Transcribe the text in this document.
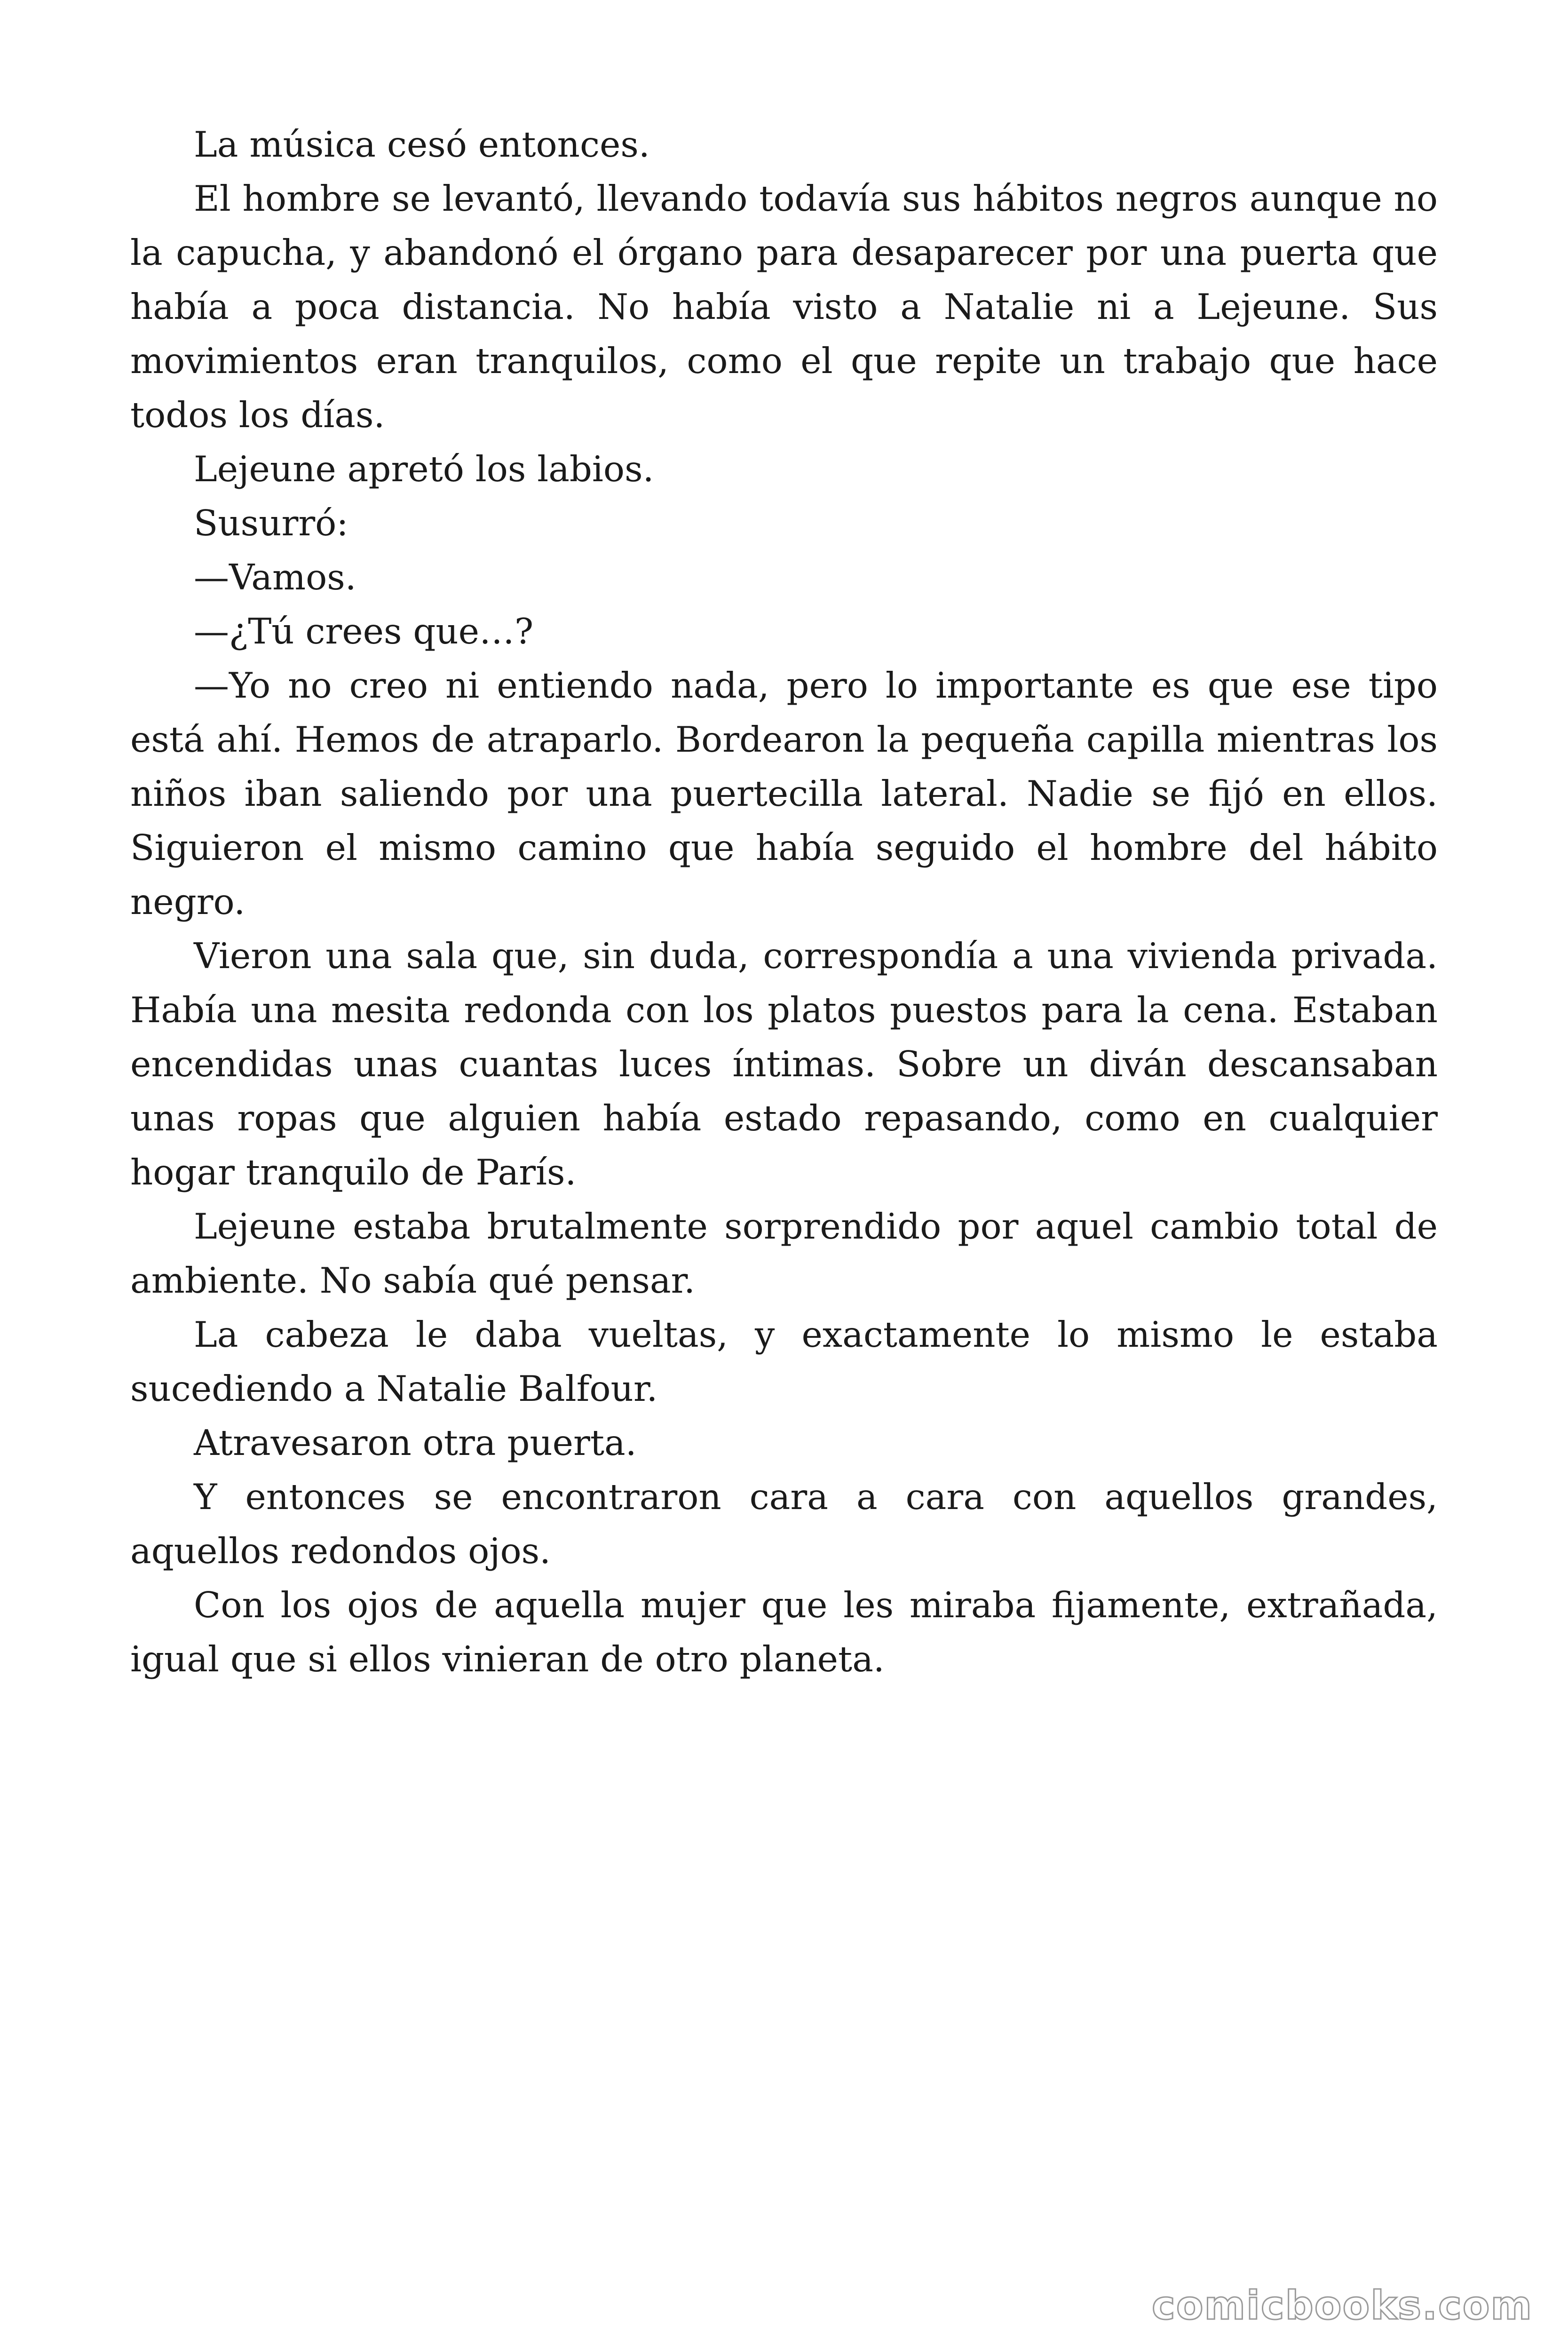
La música cesó entonces.

El hombre se levantó, llevando todavía sus hábitos negros aunque no la capucha, y abandonó el órgano para desaparecer por una puerta que había a poca distancia. No había visto a Natalie ni a Lejeune. Sus movimientos eran tranquilos, como el que repite un trabajo que hace todos los días.

Lejeune apretó los labios.

Susurró:

—Vamos.

—¿Tú crees que…?

—Yo no creo ni entiendo nada, pero lo importante es que ese tipo está ahí. Hemos de atraparlo. Bordearon la pequeña capilla mientras los niños iban saliendo por una puertecilla lateral. Nadie se fijó en ellos. Siguieron el mismo camino que había seguido el hombre del hábito negro.

Vieron una sala que, sin duda, correspondía a una vivienda privada. Había una mesita redonda con los platos puestos para la cena. Estaban encendidas unas cuantas luces íntimas. Sobre un diván descansaban unas ropas que alguien había estado repasando, como en cualquier hogar tranquilo de París.

Lejeune estaba brutalmente sorprendido por aquel cambio total de ambiente. No sabía qué pensar.

La cabeza le daba vueltas, y exactamente lo mismo le estaba sucediendo a Natalie Balfour.

Atravesaron otra puerta.

Y entonces se encontraron cara a cara con aquellos grandes, aquellos redondos ojos.

Con los ojos de aquella mujer que les miraba fijamente, extrañada, igual que si ellos vinieran de otro planeta.

comicbooks.com
